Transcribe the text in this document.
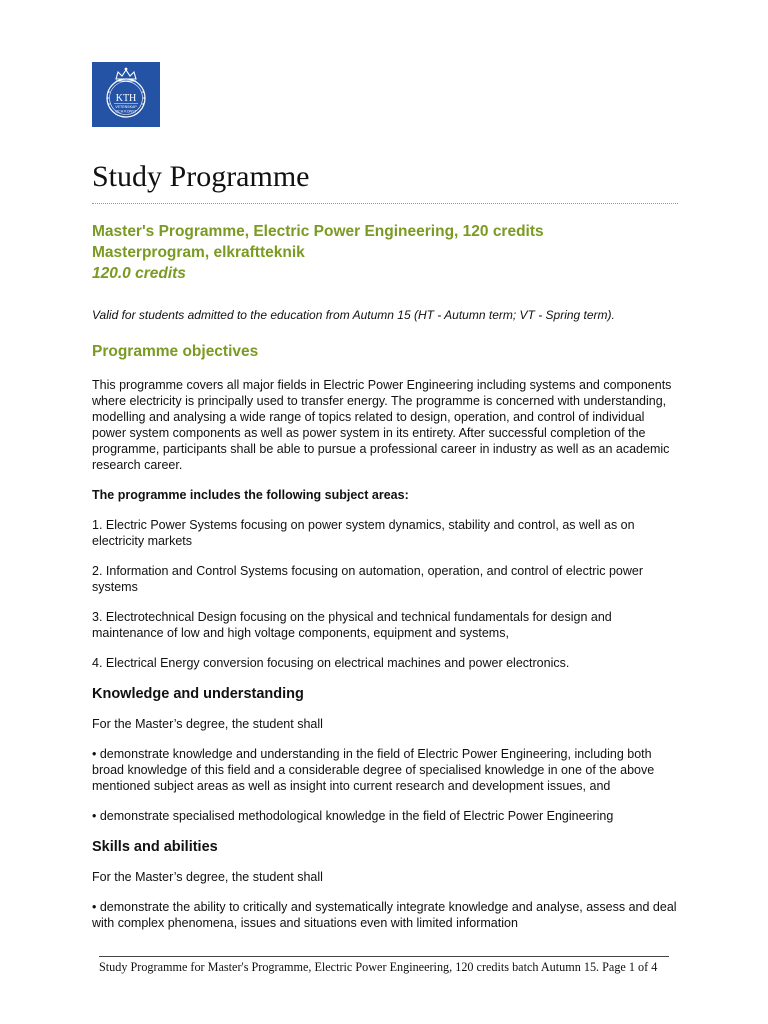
KTH
VETENSKAP
OCH KONST
Study Programme
Master's Programme, Electric Power Engineering, 120 credits
Masterprogram, elkraftteknik
120.0 credits
Valid for students admitted to the education from Autumn 15 (HT - Autumn term; VT - Spring term).
Programme objectives

This programme covers all major fields in Electric Power Engineering including systems and components where electricity is principally used to transfer energy. The programme is concerned with understanding, modelling and analysing a wide range of topics related to design, operation, and control of individual power system components as well as power system in its entirety. After successful completion of the programme, participants shall be able to pursue a professional career in industry as well as an academic research career.

The programme includes the following subject areas:

1. Electric Power Systems focusing on power system dynamics, stability and control, as well as on electricity markets

2. Information and Control Systems focusing on automation, operation, and control of electric power systems

3. Electrotechnical Design focusing on the physical and technical fundamentals for design and maintenance of low and high voltage components, equipment and systems,

4. Electrical Energy conversion focusing on electrical machines and power electronics.

Knowledge and understanding

For the Master’s degree, the student shall

• demonstrate knowledge and understanding in the field of Electric Power Engineering, including both broad knowledge of this field and a considerable degree of specialised knowledge in one of the above mentioned subject areas as well as insight into current research and development issues, and

• demonstrate specialised methodological knowledge in the field of Electric Power Engineering

Skills and abilities

For the Master’s degree, the student shall

• demonstrate the ability to critically and systematically integrate knowledge and analyse, assess and deal with complex phenomena, issues and situations even with limited information

Study Programme for Master's Programme, Electric Power Engineering, 120 credits batch Autumn 15. Page 1 of 4
